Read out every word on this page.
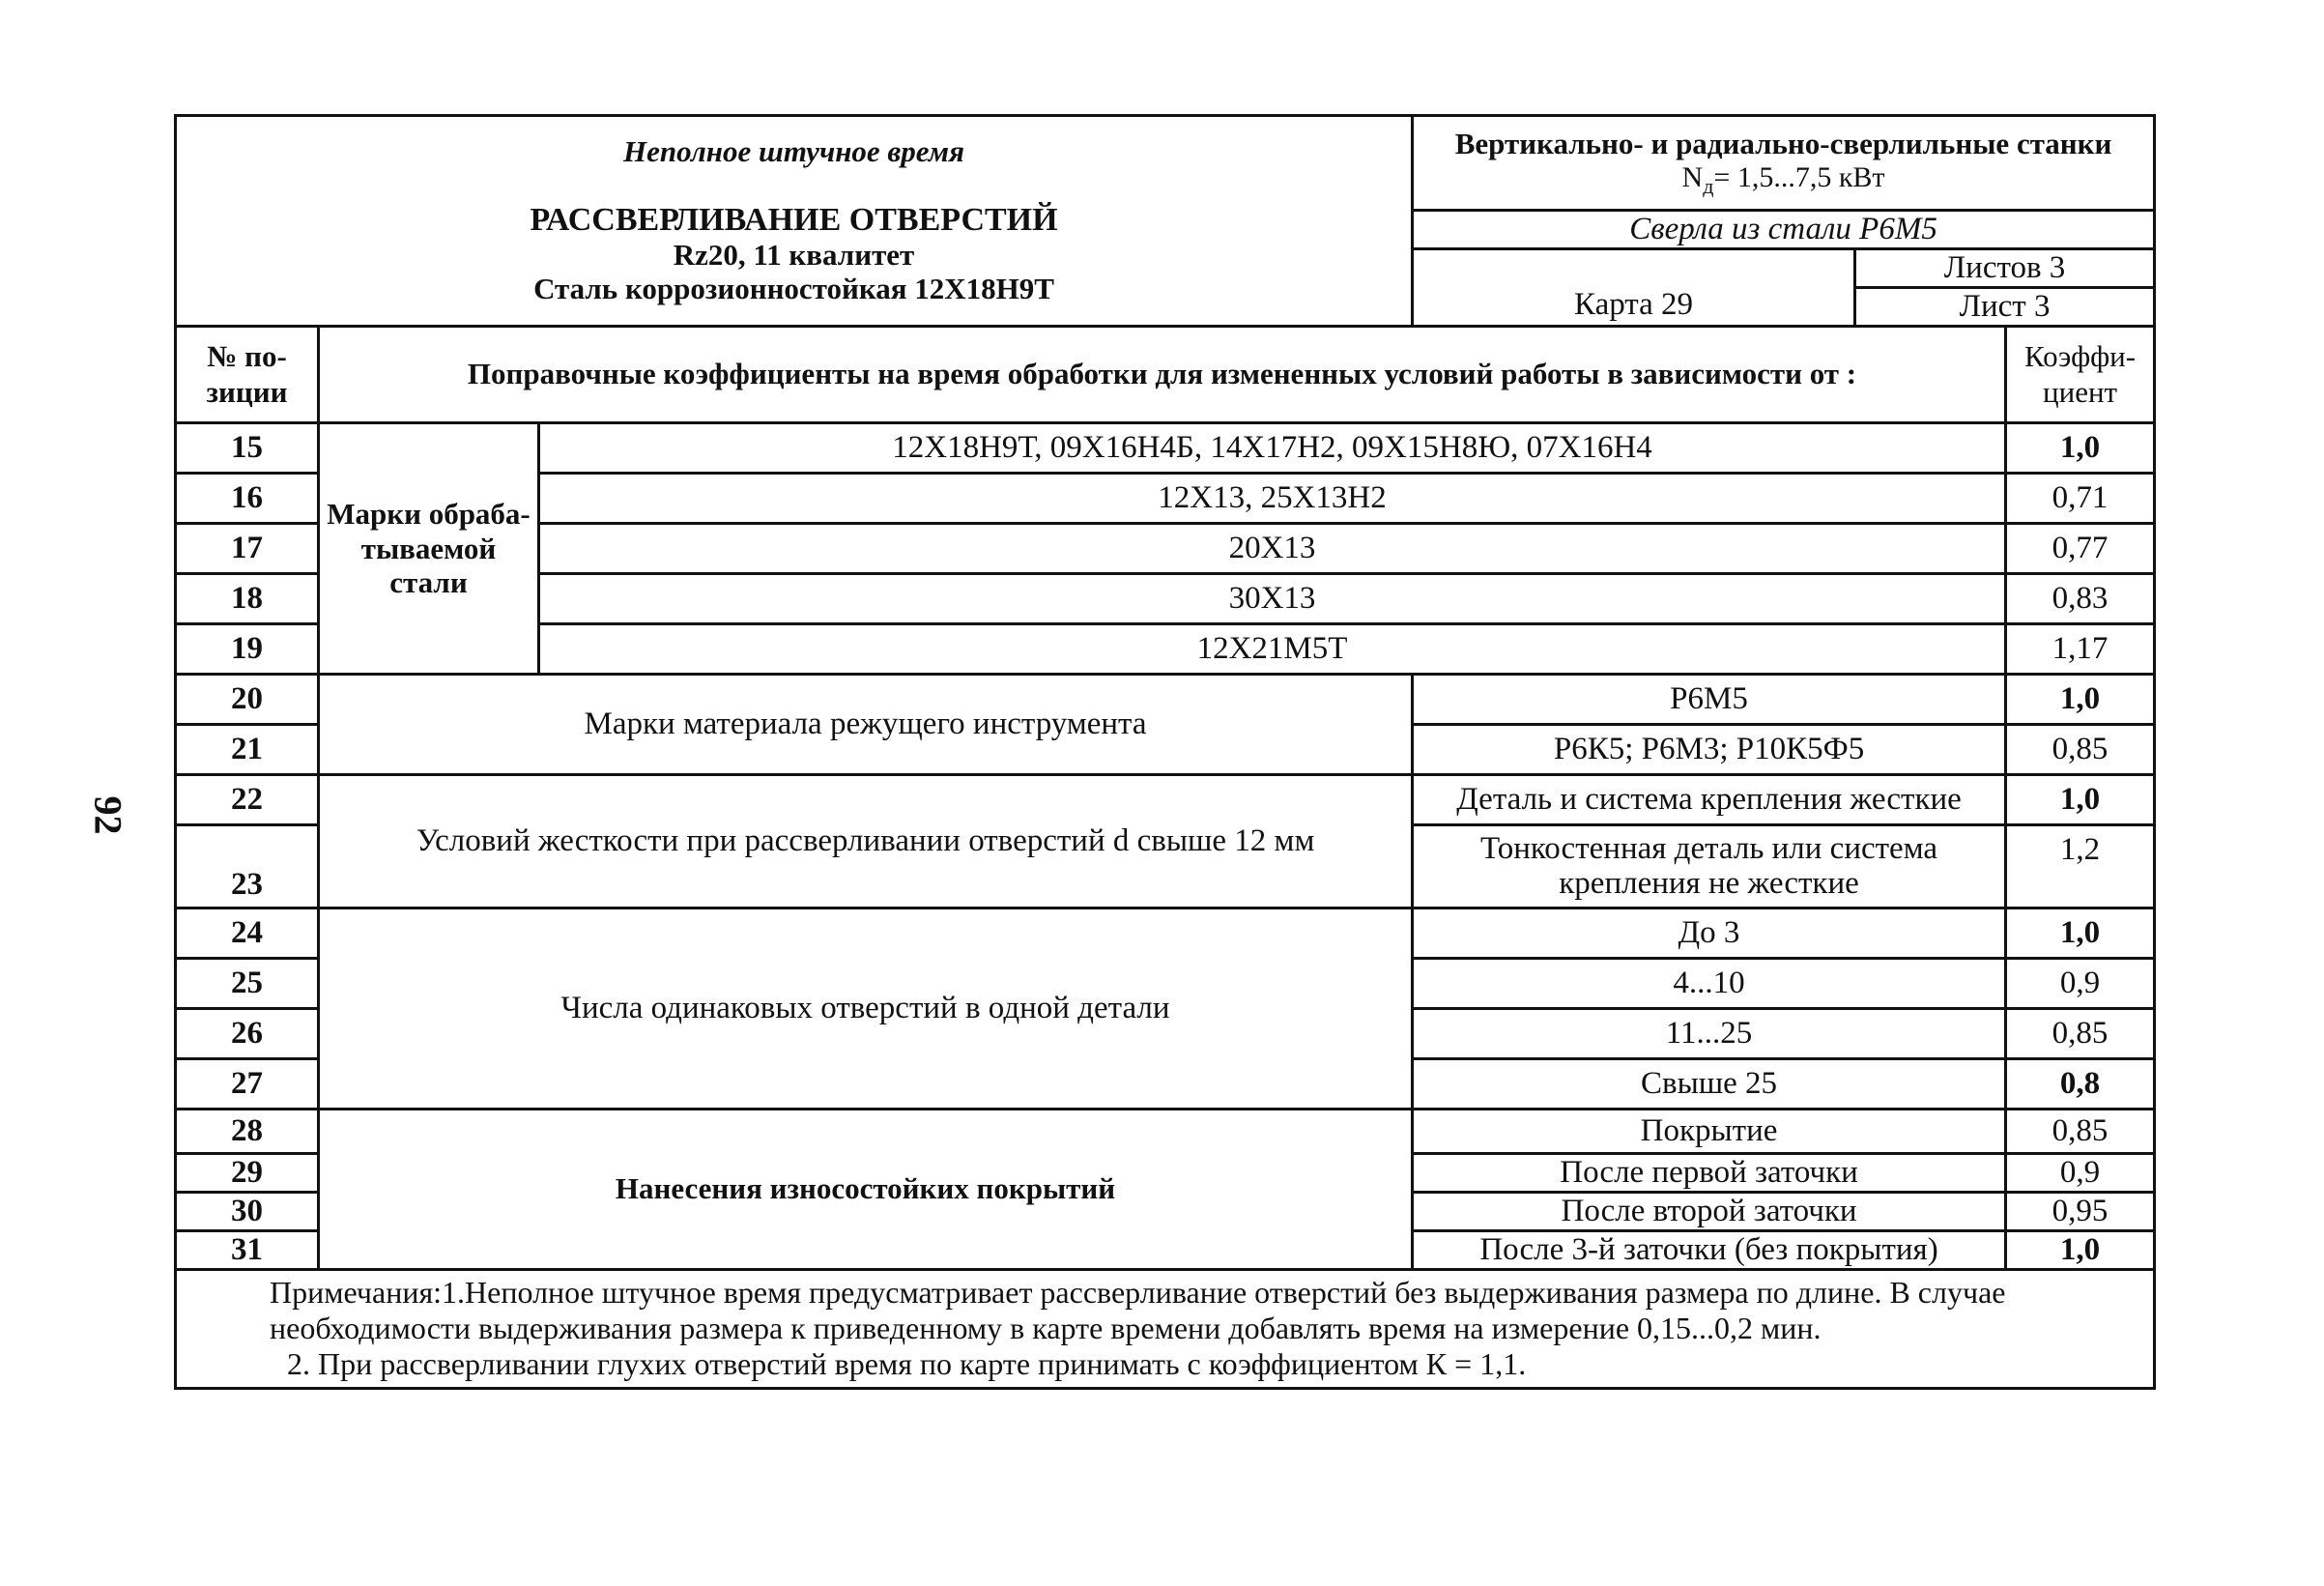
92
Неполное штучное время
РАССВЕРЛИВАНИЕ ОТВЕРСТИЙ
Rz20, 11 квалитет
Сталь коррозионностойкая 12Х18Н9Т			Вертикально- и радиально-сверлильные станки
$N_д= 1,5...7,5$ кВт		
			Сверла из стали Р6М5		
			Карта 29	Листов 3	
				Лист 3	
№ по-зиции	Поправочные коэффициенты на время обработки для измененных условий работы в зависимости от :				Коэффи-циент
15	Марки обраба-тываемой стали	12Х18Н9Т, 09Х16Н4Б, 14Х17Н2, 09Х15Н8Ю, 07Х16Н4			1,0
16		12Х13, 25Х13Н2			0,71
17		20Х13			0,77
18		30Х13			0,83
19		12Х21М5Т			1,17
20	Марки материала режущего инструмента		Р6М5		1,0
21			Р6К5; Р6М3; Р10К5Ф5		0,85
22	Условий жесткости при рассверливании отверстий d свыше 12 мм		Деталь и система крепления жесткие		1,0
23			Тонкостенная деталь или система крепления не жесткие		1,2
24	Числа одинаковых отверстий в одной детали		До 3		1,0
25			4...10		0,9
26			11...25		0,85
27			Свыше 25		0,8
28	Нанесения износостойких покрытий		Покрытие		0,85
29			После первой заточки		0,9
30			После второй заточки		0,95
31			После 3-й заточки (без покрытия)		1,0

Примечания:1.Неполное штучное время предусматривает рассверливание отверстий без выдерживания размера по длине. В случае
необходимости выдерживания размера к приведенному в карте времени добавлять время на измерение 0,15...0,2 мин.
2. При рассверливании глухих отверстий время по карте принимать с коэффициентом К = 1,1.					
